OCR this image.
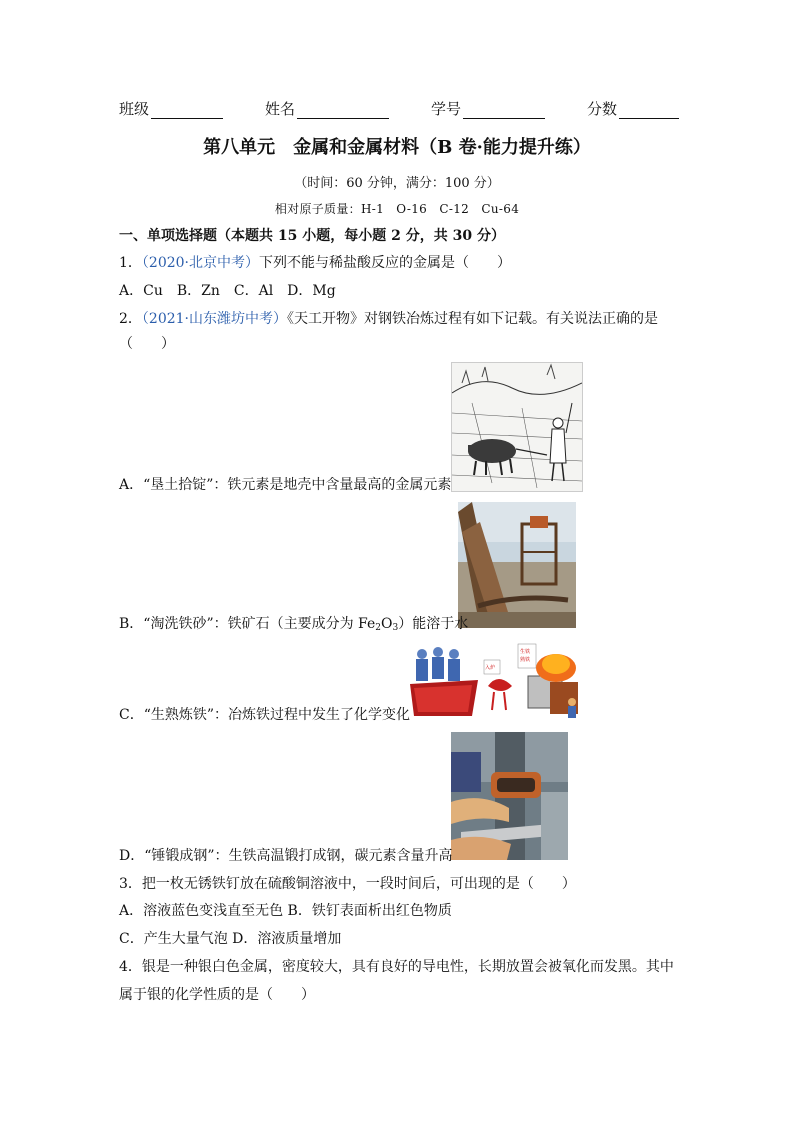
班级	姓名	学号	分数
第八单元　金属和金属材料（B 卷·能力提升练）
（时间：60 分钟，满分：100 分）
相对原子质量：H-1　O-16　C-12　Cu-64
一、单项选择题（本题共 15 小题，每小题 2 分，共 30 分）
1．（2020·北京中考）下列不能与稀盐酸反应的金属是（　　）
A．Cu　B．Zn　C．Al　D．Mg
2．（2021·山东潍坊中考）《天工开物》对钢铁冶炼过程有如下记载。有关说法正确的是
（　　）
A．“垦土拾锭”：铁元素是地壳中含量最高的金属元素
B．“淘洗铁砂”：铁矿石（主要成分为 Fe2O3）能溶于水
入炉
生铁
熟铁
C．“生熟炼铁”：冶炼铁过程中发生了化学变化
D．“锤锻成钢”：生铁高温锻打成钢，碳元素含量升高
3．把一枚无锈铁钉放在硫酸铜溶液中，一段时间后，可出现的是（　　）
A．溶液蓝色变浅直至无色 B．铁钉表面析出红色物质
C．产生大量气泡 D．溶液质量增加
4．银是一种银白色金属，密度较大，具有良好的导电性，长期放置会被氧化而发黑。其中
属于银的化学性质的是（　　）
